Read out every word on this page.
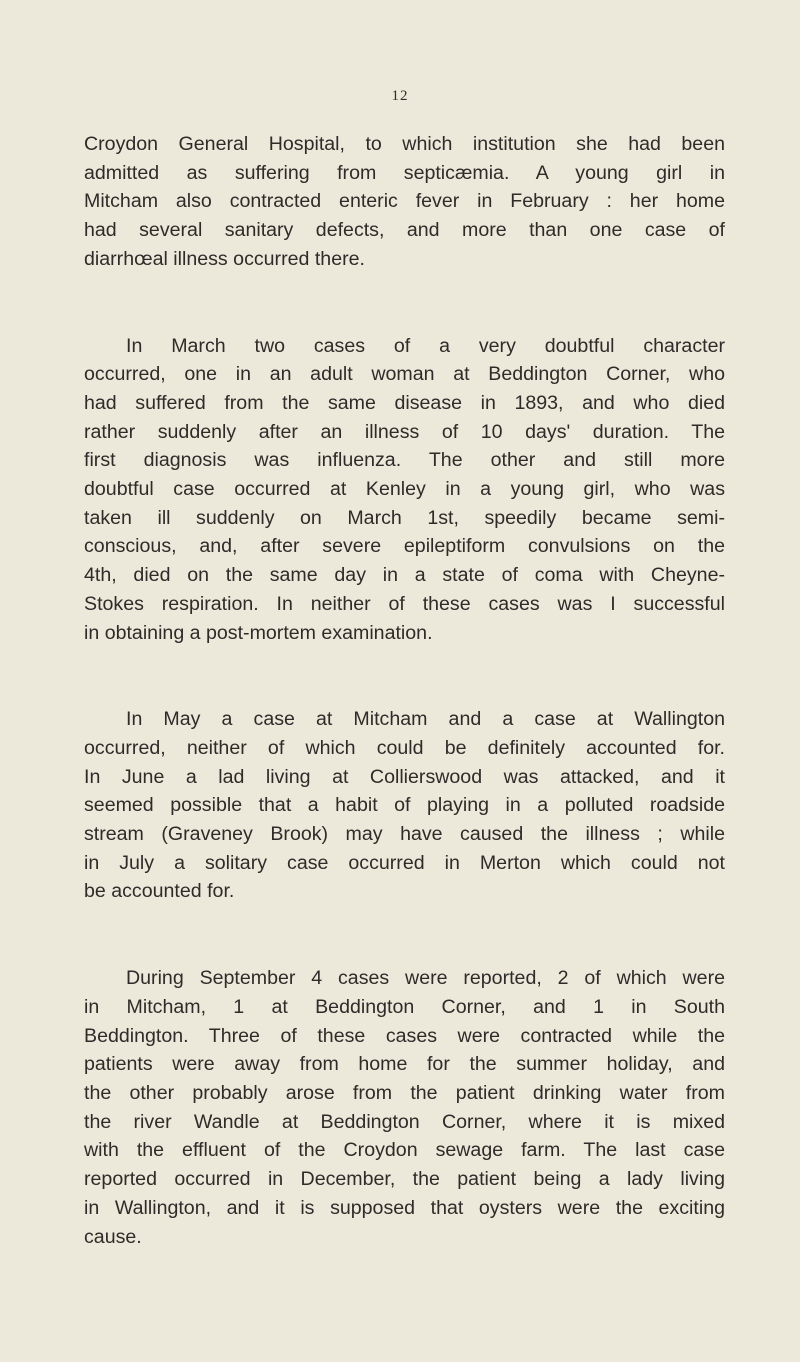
12
Croydon General Hospital, to which institution she had been
admitted as suffering from septicæmia. A young girl in
Mitcham also contracted enteric fever in February : her home
had several sanitary defects, and more than one case of
diarrhœal illness occurred there.
In March two cases of a very doubtful character
occurred, one in an adult woman at Beddington Corner, who
had suffered from the same disease in 1893, and who died
rather suddenly after an illness of 10 days' duration. The
first diagnosis was influenza. The other and still more
doubtful case occurred at Kenley in a young girl, who was
taken ill suddenly on March 1st, speedily became semi-
conscious, and, after severe epileptiform convulsions on the
4th, died on the same day in a state of coma with Cheyne-
Stokes respiration. In neither of these cases was I successful
in obtaining a post-mortem examination.
In May a case at Mitcham and a case at Wallington
occurred, neither of which could be definitely accounted for.
In June a lad living at Collierswood was attacked, and it
seemed possible that a habit of playing in a polluted roadside
stream (Graveney Brook) may have caused the illness ; while
in July a solitary case occurred in Merton which could not
be accounted for.
During September 4 cases were reported, 2 of which were
in Mitcham, 1 at Beddington Corner, and 1 in South
Beddington. Three of these cases were contracted while the
patients were away from home for the summer holiday, and
the other probably arose from the patient drinking water from
the river Wandle at Beddington Corner, where it is mixed
with the effluent of the Croydon sewage farm. The last case
reported occurred in December, the patient being a lady living
in Wallington, and it is supposed that oysters were the exciting
cause.
